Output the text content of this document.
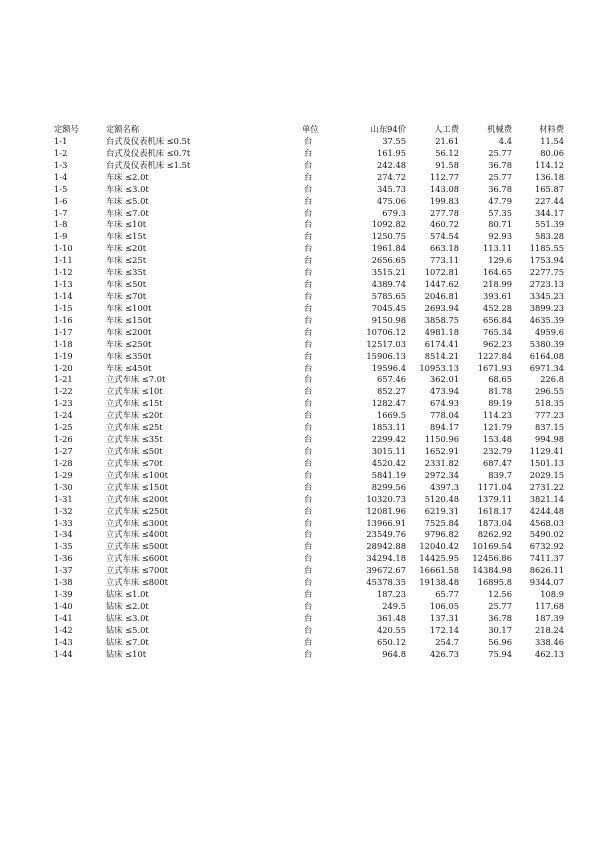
定额号	定额名称	单位	山东94价	人工费	机械费	材料费
1-1	台式及仪表机床 ≤0.5t	台	37.55	21.61	4.4	11.54
1-2	台式及仪表机床 ≤0.7t	台	161.95	56.12	25.77	80.06
1-3	台式及仪表机床 ≤1.5t	台	242.48	91.58	36.78	114.12
1-4	车床 ≤2.0t	台	274.72	112.77	25.77	136.18
1-5	车床 ≤3.0t	台	345.73	143.08	36.78	165.87
1-6	车床 ≤5.0t	台	475.06	199.83	47.79	227.44
1-7	车床 ≤7.0t	台	679.3	277.78	57.35	344.17
1-8	车床 ≤10t	台	1092.82	460.72	80.71	551.39
1-9	车床 ≤15t	台	1250.75	574.54	92.93	583.28
1-10	车床 ≤20t	台	1961.84	663.18	113.11	1185.55
1-11	车床 ≤25t	台	2656.65	773.11	129.6	1753.94
1-12	车床 ≤35t	台	3515.21	1072.81	164.65	2277.75
1-13	车床 ≤50t	台	4389.74	1447.62	218.99	2723.13
1-14	车床 ≤70t	台	5785.65	2046.81	393.61	3345.23
1-15	车床 ≤100t	台	7045.45	2693.94	452.28	3899.23
1-16	车床 ≤150t	台	9150.98	3858.75	656.84	4635.39
1-17	车床 ≤200t	台	10706.12	4981.18	765.34	4959.6
1-18	车床 ≤250t	台	12517.03	6174.41	962.23	5380.39
1-19	车床 ≤350t	台	15906.13	8514.21	1227.84	6164.08
1-20	车床 ≤450t	台	19596.4	10953.13	1671.93	6971.34
1-21	立式车床 ≤7.0t	台	657.46	362.01	68.65	226.8
1-22	立式车床 ≤10t	台	852.27	473.94	81.78	296.55
1-23	立式车床 ≤15t	台	1282.47	674.93	89.19	518.35
1-24	立式车床 ≤20t	台	1669.5	778.04	114.23	777.23
1-25	立式车床 ≤25t	台	1853.11	894.17	121.79	837.15
1-26	立式车床 ≤35t	台	2299.42	1150.96	153.48	994.98
1-27	立式车床 ≤50t	台	3015.11	1652.91	232.79	1129.41
1-28	立式车床 ≤70t	台	4520.42	2331.82	687.47	1501.13
1-29	立式车床 ≤100t	台	5841.19	2972.34	839.7	2029.15
1-30	立式车床 ≤150t	台	8299.56	4397.3	1171.04	2731.22
1-31	立式车床 ≤200t	台	10320.73	5120.48	1379.11	3821.14
1-32	立式车床 ≤250t	台	12081.96	6219.31	1618.17	4244.48
1-33	立式车床 ≤300t	台	13966.91	7525.84	1873.04	4568.03
1-34	立式车床 ≤400t	台	23549.76	9796.82	8262.92	5490.02
1-35	立式车床 ≤500t	台	28942.88	12040.42	10169.54	6732.92
1-36	立式车床 ≤600t	台	34294.18	14425.95	12456.86	7411.37
1-37	立式车床 ≤700t	台	39672.67	16661.58	14384.98	8626.11
1-38	立式车床 ≤800t	台	45378.35	19138.48	16895.8	9344.07
1-39	钻床 ≤1.0t	台	187.23	65.77	12.56	108.9
1-40	钻床 ≤2.0t	台	249.5	106.05	25.77	117.68
1-41	钻床 ≤3.0t	台	361.48	137.31	36.78	187.39
1-42	钻床 ≤5.0t	台	420.55	172.14	30.17	218.24
1-43	钻床 ≤7.0t	台	650.12	254.7	56.96	338.46
1-44	钻床 ≤10t	台	964.8	426.73	75.94	462.13
